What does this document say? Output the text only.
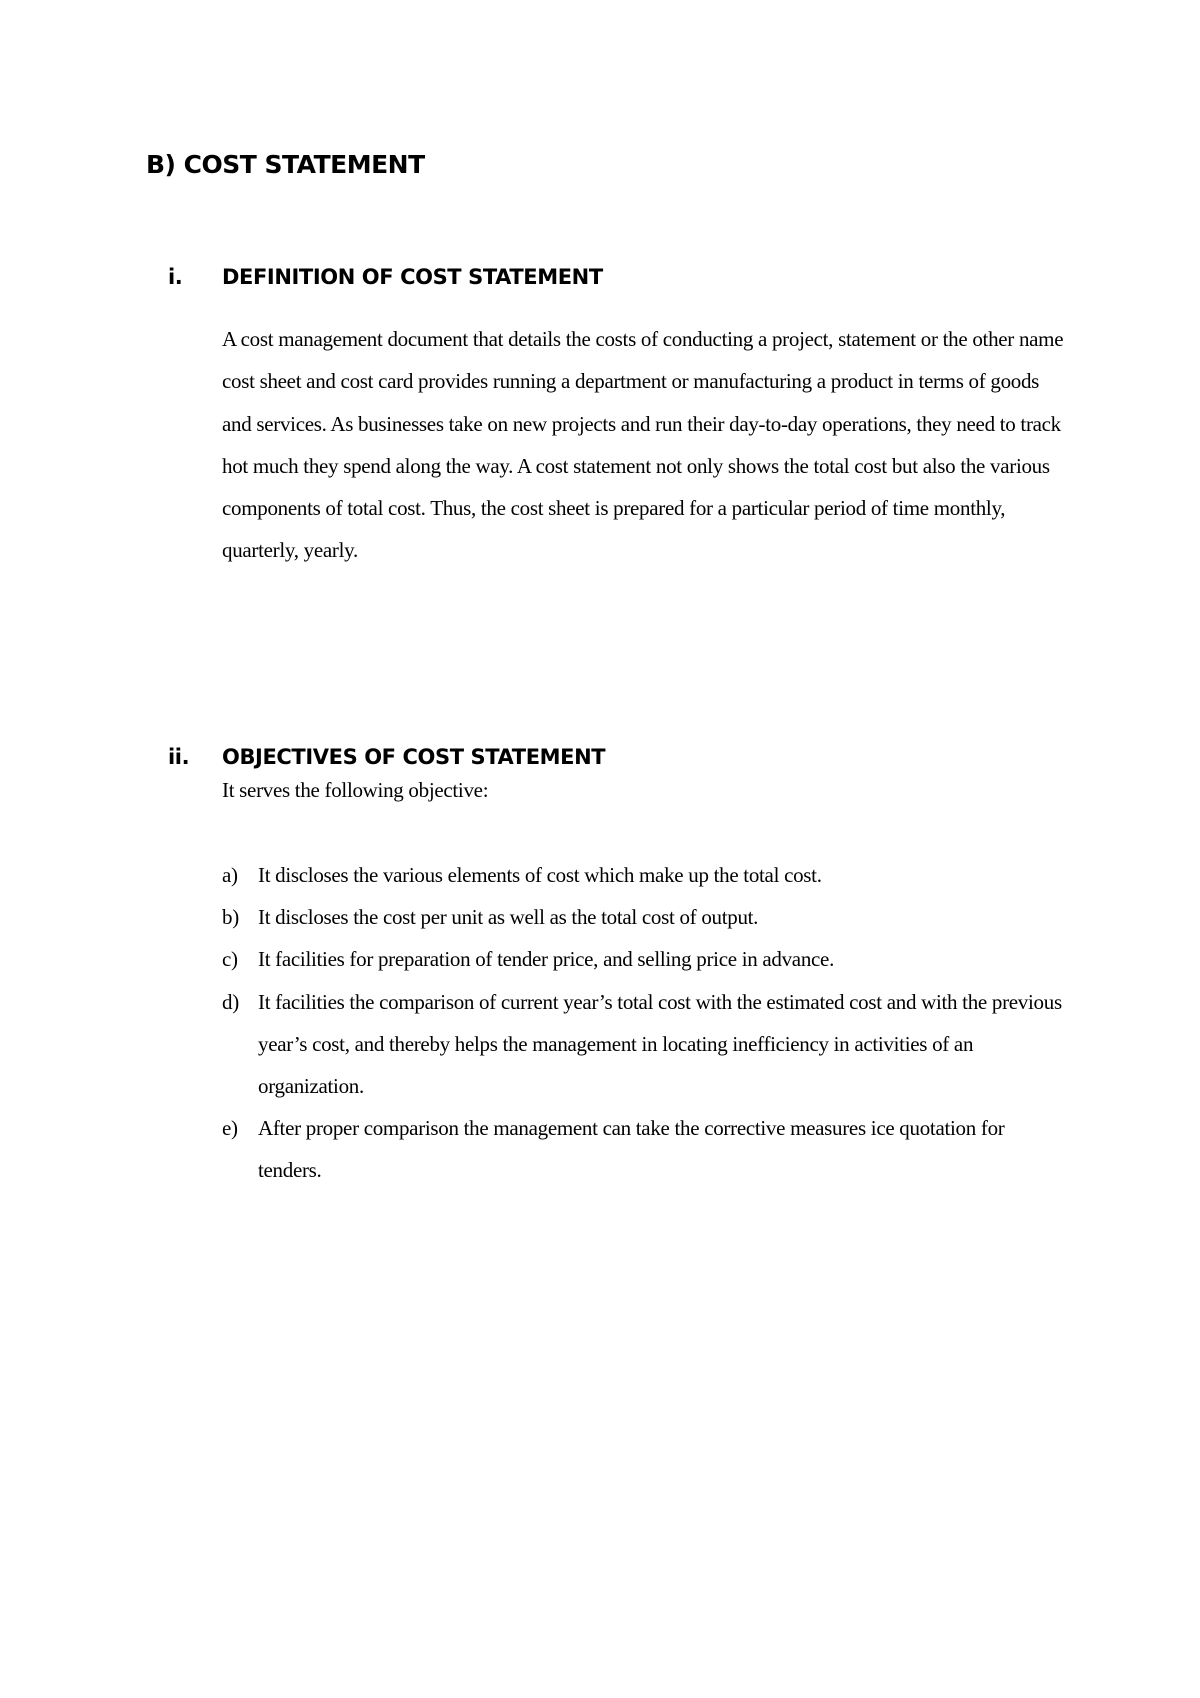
B) COST STATEMENT
i. DEFINITION OF COST STATEMENT

A cost management document that details the costs of conducting a project, statement or the other name cost sheet and cost card provides running a department or manufacturing a product in terms of goods and services. As businesses take on new projects and run their day-to-day operations, they need to track hot much they spend along the way. A cost statement not only shows the total cost but also the various components of total cost. Thus, the cost sheet is prepared for a particular period of time monthly, quarterly, yearly.

ii. OBJECTIVES OF COST STATEMENT

It serves the following objective:

a) It discloses the various elements of cost which make up the total cost.
b) It discloses the cost per unit as well as the total cost of output.
c) It facilities for preparation of tender price, and selling price in advance.
d) It facilities the comparison of current year’s total cost with the estimated cost and with the previous year’s cost, and thereby helps the management in locating inefficiency in activities of an organization.
e) After proper comparison the management can take the corrective measures ice quotation for tenders.
